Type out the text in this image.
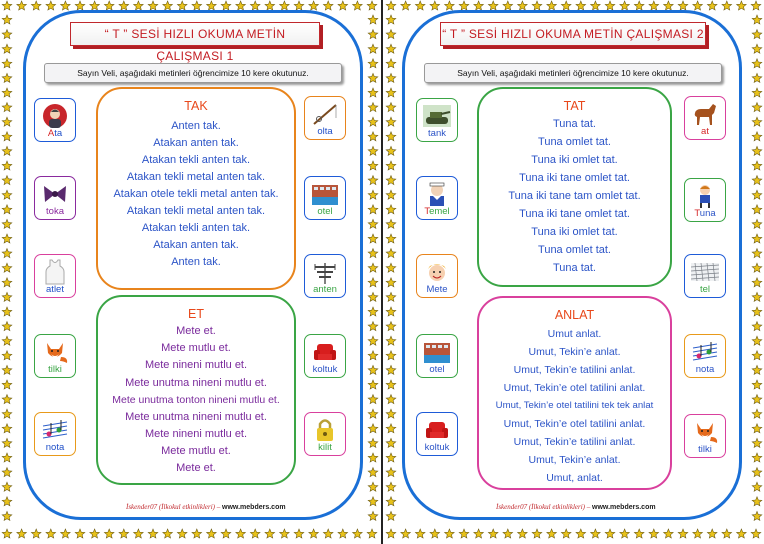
“ T ” SESİ HIZLI OKUMA METİN ÇALIŞMASI 1
Sayın Veli, aşağıdaki metinleri öğrencimize 10 kere okutunuz.
TAK
Anten tak.
Atakan anten tak.
Atakan tekli anten tak.
Atakan tekli metal anten tak.
Atakan otele tekli metal anten tak.
Atakan tekli metal anten tak.
Atakan tekli anten tak.
Atakan anten tak.
Anten tak.
ET
Mete et.
Mete mutlu et.
Mete nineni mutlu et.
Mete unutma nineni mutlu et.
Mete unutma tonton nineni mutlu et.
Mete unutma nineni mutlu et.
Mete nineni mutlu et.
Mete mutlu et.
Mete et.
Ata
toka
atlet
tilki
nota
olta
otel
anten
koltuk
kilit
İskender07 (İlkokul etkinlikleri) – www.mebders.com
“ T ” SESİ HIZLI OKUMA METİN ÇALIŞMASI 2
Sayın Veli, aşağıdaki metinleri öğrencimize 10 kere okutunuz.
TAT
Tuna tat.
Tuna omlet tat.
Tuna iki omlet tat.
Tuna iki tane omlet tat.
Tuna iki tane tam omlet tat.
Tuna iki tane omlet tat.
Tuna iki omlet tat.
Tuna omlet tat.
Tuna tat.
ANLAT
Umut anlat.
Umut, Tekin’e anlat.
Umut, Tekin’e tatilini anlat.
Umut, Tekin’e otel tatilini anlat.
Umut, Tekin’e otel tatilini tek tek anlat
Umut, Tekin’e otel tatilini anlat.
Umut, Tekin’e tatilini anlat.
Umut, Tekin’e anlat.
Umut, anlat.
tank
Temel
Mete
otel
koltuk
at
Tuna
tel
nota
tilki
İskender07 (İlkokul etkinlikleri) – www.mebders.com
